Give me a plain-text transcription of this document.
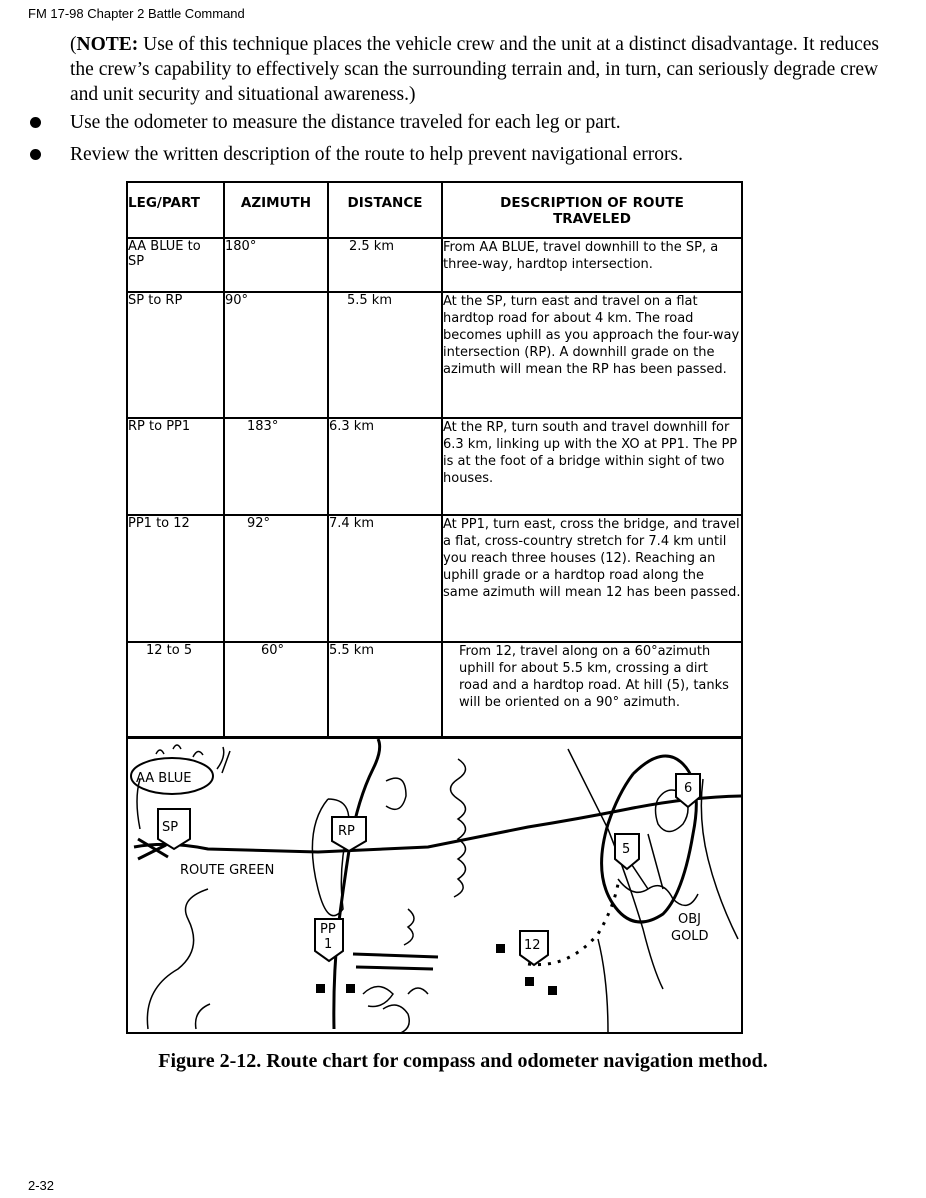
FM 17-98 Chapter 2 Battle Command
(NOTE: Use of this technique places the vehicle crew and the unit at a distinct disadvantage. It reduces the crew’s capability to effectively scan the surrounding terrain and, in turn, can seriously degrade crew and unit security and situational awareness.)
Use the odometer to measure the distance traveled for each leg or part.
Review the written description of the route to help prevent navigational errors.
LEG/PART	AZIMUTH	DISTANCE	DESCRIPTION OF ROUTE TRAVELED
AA BLUE to SP	180°	2.5 km	From AA BLUE, travel downhill to the SP, a three-way, hardtop intersection.
SP to RP	90°	5.5 km	At the SP, turn east and travel on a flat hardtop road for about 4 km. The road becomes uphill as you approach the four-way intersection (RP). A downhill grade on the azimuth will mean the RP has been passed.
RP to PP1	183°	6.3 km	At the RP, turn south and travel downhill for 6.3 km, linking up with the XO at PP1. The PP is at the foot of a bridge within sight of two houses.
PP1 to 12	92°	7.4 km	At PP1, turn east, cross the bridge, and travel a flat, cross-country stretch for 7.4 km until you reach three houses (12). Reaching an uphill grade or a hardtop road along the same azimuth will mean 12 has been passed.
12 to 5	60°	5.5 km	From 12, travel along on a 60°azimuth uphill for about 5.5 km, crossing a dirt road and a hardtop road. At hill (5), tanks will be oriented on a 90° azimuth.
AA BLUE
SP
ROUTE GREEN
RP
PP
1	12
5
6
OBJ
GOLD
Figure 2-12. Route chart for compass and odometer navigation method.
2-32
